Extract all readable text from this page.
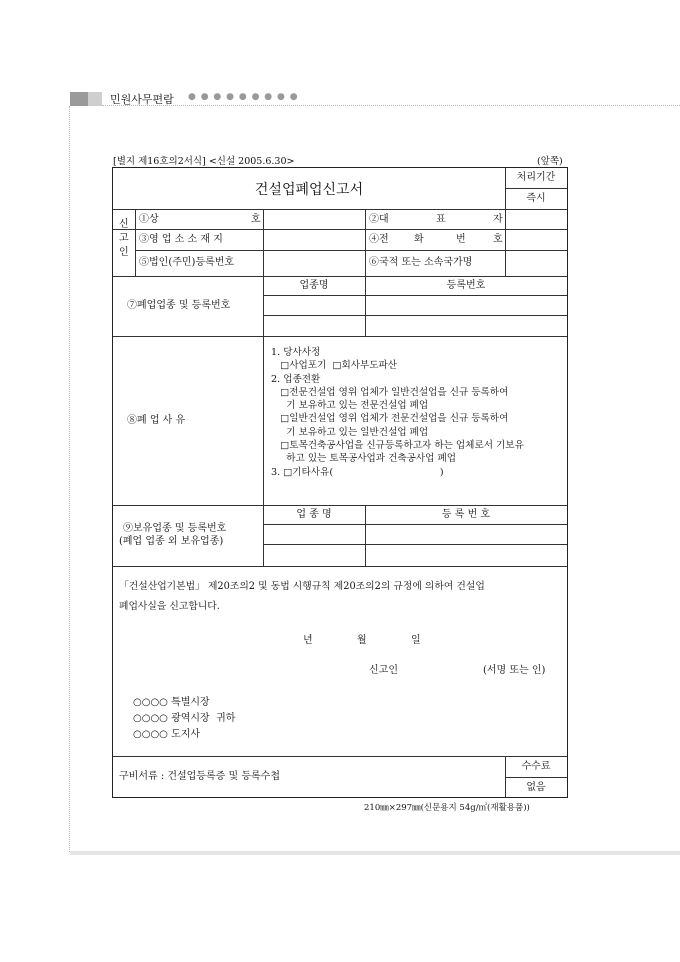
민원사무편람 ● ● ● ● ● ● ● ● ●
[별지 제16호의2서식] <신설 2005.6.30>	(앞쪽)
건설업폐업신고서
처리기간
즉시
신
고
인
①상	호	②대	표	자
③영 업 소 소 재 지	④전	화	번	호
⑤법인(주민)등록번호	⑥국적 또는 소속국가명
⑦폐업업종 및 등록번호
업종명	등록번호
⑧폐 업 사 유
1. 당사사정
□사업포기  □회사부도파산
2. 업종전환
□전문건설업 영위 업체가 일반건설업을 신규 등록하여
기 보유하고 있는 전문건설업 폐업
□일반건설업 영위 업체가 전문건설업을 신규 등록하여
기 보유하고 있는 일반건설업 폐업
□토목건축공사업을 신규등록하고자 하는 업체로서 기보유
하고 있는 토목공사업과 건축공사업 폐업
3. □기타사유(                                   )
⑨보유업종 및 등록번호
(폐업 업종 외 보유업종)
업 종 명	등 록 번 호
「건설산업기본법」 제20조의2 및 동법 시행규칙 제20조의2의 규정에 의하여 건설업
폐업사실을 신고합니다.
년	월	일
신고인	(서명 또는 인)
○○○○ 특별시장
○○○○ 광역시장  귀하
○○○○ 도지사
구비서류 : 건설업등록증 및 등록수첩
수수료
없음
210㎜×297㎜(신문용지 54g/㎡(재활용품))
